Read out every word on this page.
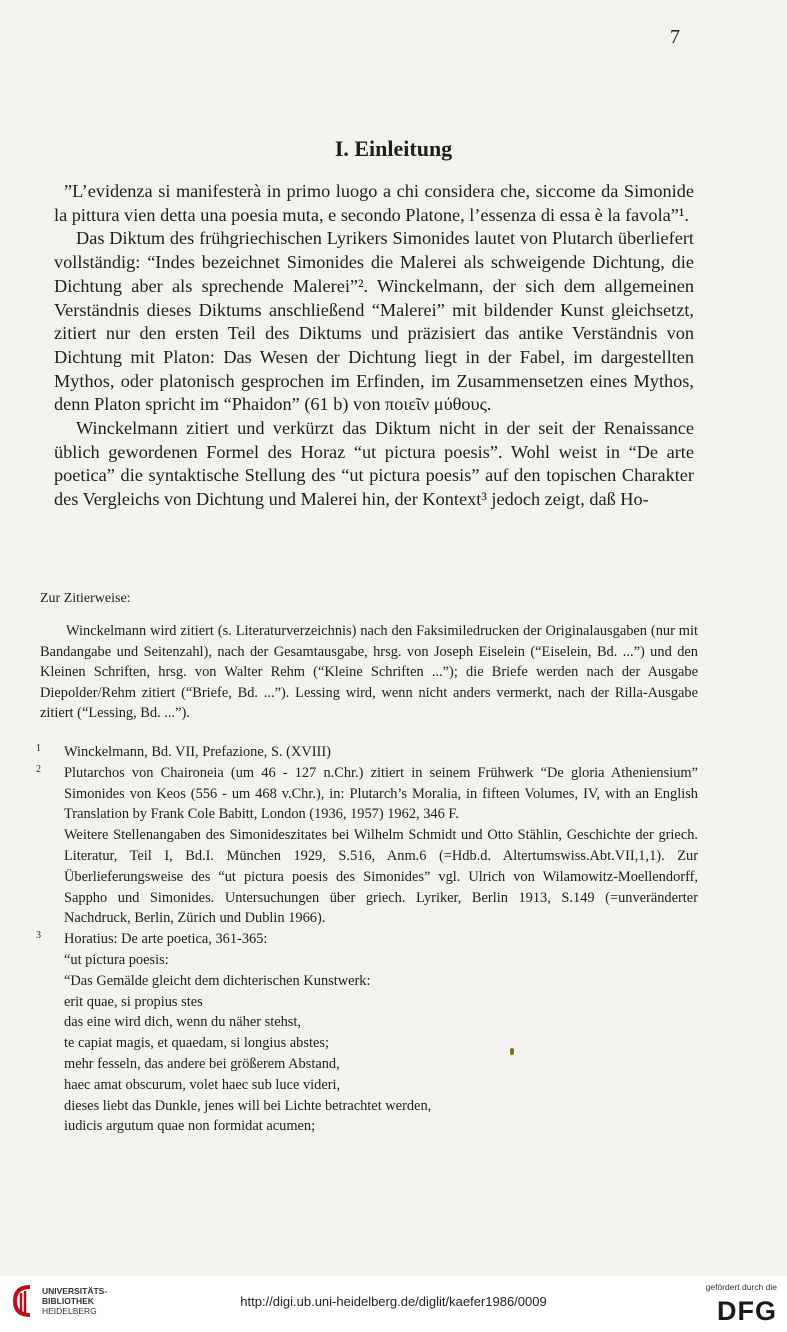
7
I. Einleitung

”L’evidenza si manifesterà in primo luogo a chi considera che, siccome da Simonide la pittura vien detta una poesia muta, e secondo Platone, l’essenza di essa è la favola”¹.

Das Diktum des frühgriechischen Lyrikers Simonides lautet von Plutarch überliefert vollständig: “Indes bezeichnet Simonides die Malerei als schweigende Dichtung, die Dichtung aber als sprechende Malerei”². Winckelmann, der sich dem allgemeinen Verständnis dieses Diktums anschließend “Malerei” mit bildender Kunst gleichsetzt, zitiert nur den ersten Teil des Diktums und präzisiert das antike Verständnis von Dichtung mit Platon: Das Wesen der Dichtung liegt in der Fabel, im dargestellten Mythos, oder platonisch gesprochen im Erfinden, im Zusammensetzen eines Mythos, denn Platon spricht im “Phaidon” (61 b) von ποιεῖν μύθους.

Winckelmann zitiert und verkürzt das Diktum nicht in der seit der Renaissance üblich gewordenen Formel des Horaz “ut pictura poesis”. Wohl weist in “De arte poetica” die syntaktische Stellung des “ut pictura poesis” auf den topischen Charakter des Vergleichs von Dichtung und Malerei hin, der Kontext³ jedoch zeigt, daß Ho-

Zur Zitierweise:

Winckelmann wird zitiert (s. Literaturverzeichnis) nach den Faksimiledrucken der Originalausgaben (nur mit Bandangabe und Seitenzahl), nach der Gesamtausgabe, hrsg. von Joseph Eiselein (“Eiselein, Bd. ...”) und den Kleinen Schriften, hrsg. von Walter Rehm (“Kleine Schriften ...”); die Briefe werden nach der Ausgabe Diepolder/Rehm zitiert (“Briefe, Bd. ...”). Lessing wird, wenn nicht anders vermerkt, nach der Rilla-Ausgabe zitiert (“Lessing, Bd. ...”).

1 Winckelmann, Bd. VII, Prefazione, S. (XVIII)

2 Plutarchos von Chaironeia (um 46 - 127 n.Chr.) zitiert in seinem Frühwerk “De gloria Atheniensium” Simonides von Keos (556 - um 468 v.Chr.), in: Plutarch’s Moralia, in fifteen Volumes, IV, with an English Translation by Frank Cole Babitt, London (1936, 1957) 1962, 346 F.

Weitere Stellenangaben des Simonideszitates bei Wilhelm Schmidt und Otto Stählin, Geschichte der griech. Literatur, Teil I, Bd.I. München 1929, S.516, Anm.6 (=Hdb.d. Altertumswiss.Abt.VII,1,1). Zur Überlieferungsweise des “ut pictura poesis des Simonides” vgl. Ulrich von Wilamowitz-Moellendorff, Sappho und Simonides. Untersuchungen über griech. Lyriker, Berlin 1913, S.149 (=unveränderter Nachdruck, Berlin, Zürich und Dublin 1966).

3 Horatius: De arte poetica, 361-365:

“ut pictura poesis:
“Das Gemälde gleicht dem dichterischen Kunstwerk:
erit quae, si propius stes
das eine wird dich, wenn du näher stehst,
te capiat magis, et quaedam, si longius abstes;
mehr fesseln, das andere bei größerem Abstand,
haec amat obscurum, volet haec sub luce videri,
dieses liebt das Dunkle, jenes will bei Lichte betrachtet werden,
iudicis argutum quae non formidat acumen;
UNIVERSITÄTS-
BIBLIOTHEK
HEIDELBERG
http://digi.ub.uni-heidelberg.de/diglit/kaefer1986/0009
gefördert durch die
DFG
